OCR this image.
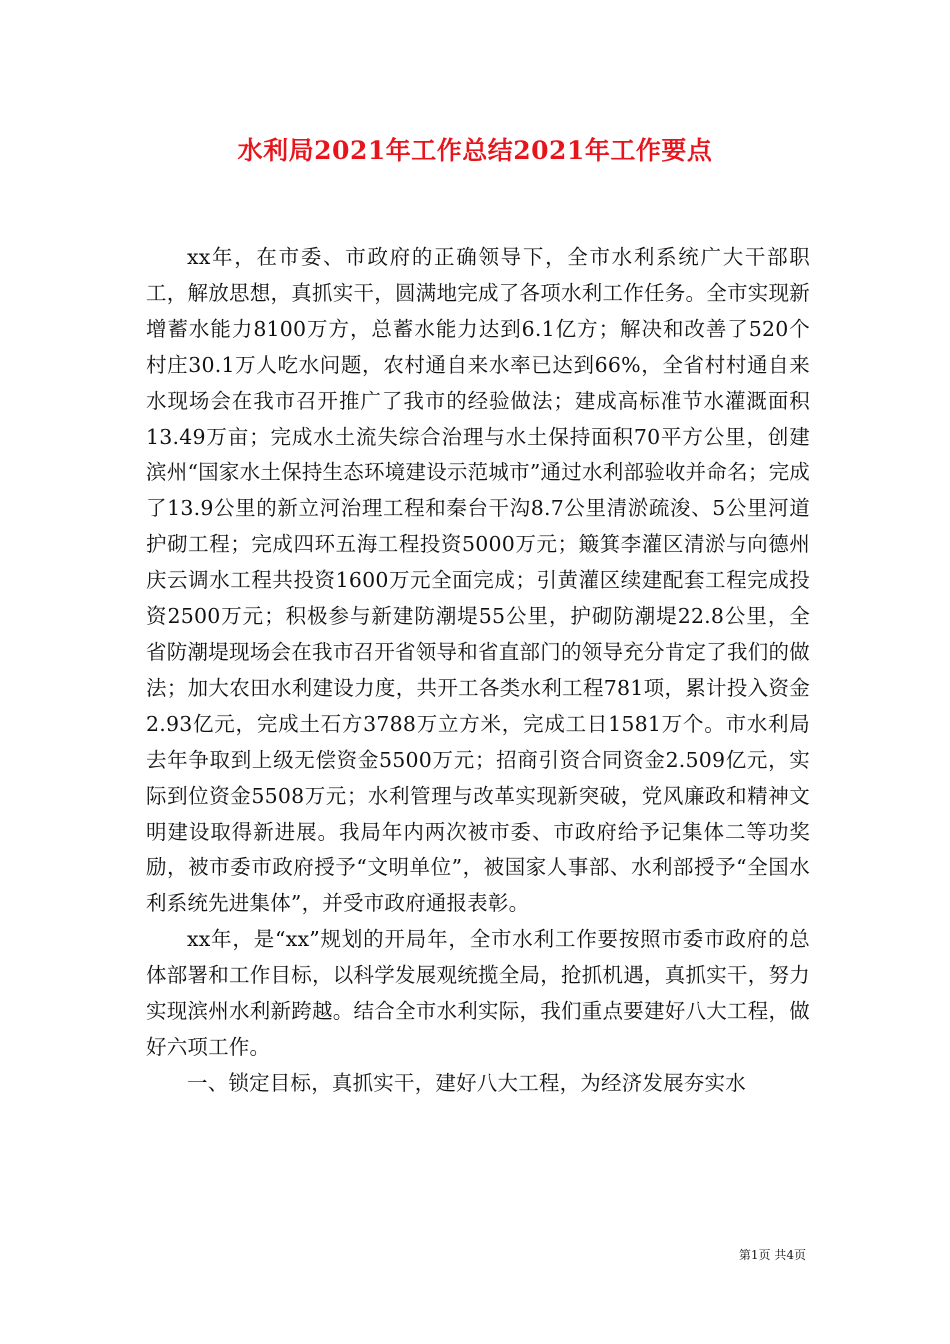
水利局2021年工作总结2021年工作要点

xx年，在市委、市政府的正确领导下，全市水利系统广大干部职工，解放思想，真抓实干，圆满地完成了各项水利工作任务。全市实现新增蓄水能力8100万方，总蓄水能力达到6.1亿方；解决和改善了520个村庄30.1万人吃水问题，农村通自来水率已达到66%，全省村村通自来水现场会在我市召开推广了我市的经验做法；建成高标准节水灌溉面积13.49万亩；完成水土流失综合治理与水土保持面积70平方公里，创建滨州“国家水土保持生态环境建设示范城市”通过水利部验收并命名；完成了13.9公里的新立河治理工程和秦台干沟8.7公里清淤疏浚、5公里河道护砌工程；完成四环五海工程投资5000万元；簸箕李灌区清淤与向德州庆云调水工程共投资1600万元全面完成；引黄灌区续建配套工程完成投资2500万元；积极参与新建防潮堤55公里，护砌防潮堤22.8公里，全省防潮堤现场会在我市召开省领导和省直部门的领导充分肯定了我们的做法；加大农田水利建设力度，共开工各类水利工程781项，累计投入资金2.93亿元，完成土石方3788万立方米，完成工日1581万个。市水利局去年争取到上级无偿资金5500万元；招商引资合同资金2.509亿元，实际到位资金5508万元；水利管理与改革实现新突破，党风廉政和精神文明建设取得新进展。我局年内两次被市委、市政府给予记集体二等功奖励，被市委市政府授予“文明单位”，被国家人事部、水利部授予“全国水利系统先进集体”，并受市政府通报表彰。

xx年，是“xx”规划的开局年，全市水利工作要按照市委市政府的总体部署和工作目标，以科学发展观统揽全局，抢抓机遇，真抓实干，努力实现滨州水利新跨越。结合全市水利实际，我们重点要建好八大工程，做好六项工作。

一、锁定目标，真抓实干，建好八大工程，为经济发展夯实水

第1页 共4页
